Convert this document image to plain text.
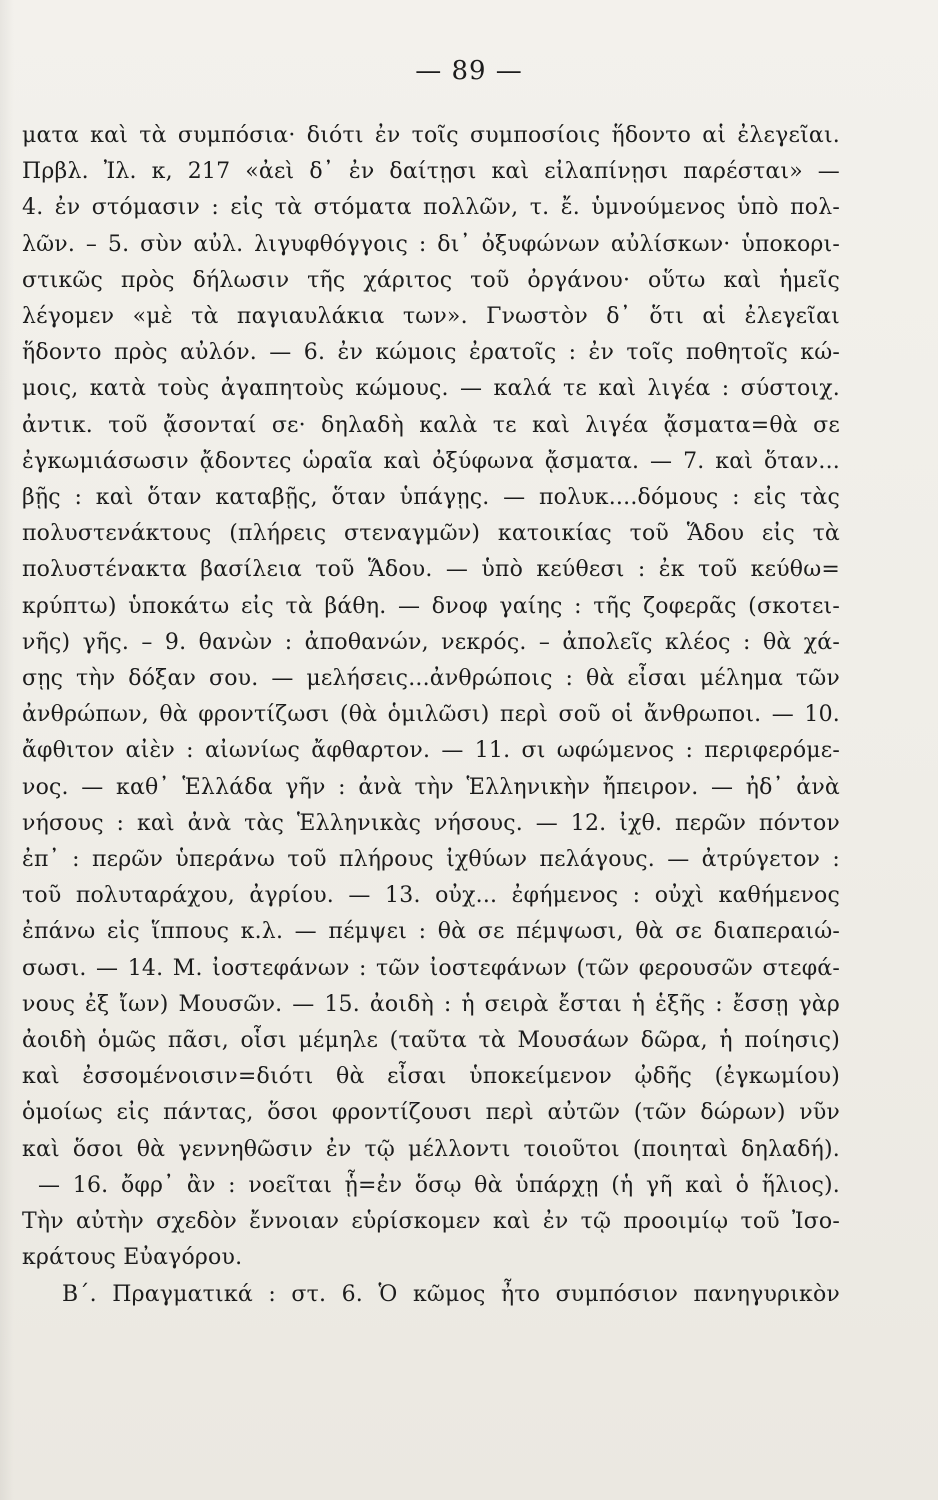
— 89 —
ματα καὶ τὰ συμπόσια· διότι ἐν τοῖς συμποσίοις ἥδοντο αἱ ἐλεγεῖαι.
Πρβλ. Ἰλ. κ, 217 «ἀεὶ δ᾿ ἐν δαίτῃσι καὶ εἰλαπίνῃσι παρέσται» —
4. ἐν στόμασιν : εἰς τὰ στόματα πολλῶν, τ. ἔ. ὑμνούμενος ὑπὸ πολ-
λῶν. – 5. σὺν αὐλ. λιγυφθόγγοις : δι᾿ ὀξυφώνων αὐλίσκων· ὑποκορι-
στικῶς πρὸς δήλωσιν τῆς χάριτος τοῦ ὀργάνου· οὕτω καὶ ἡμεῖς
λέγομεν «μὲ τὰ παγιαυλάκια των». Γνωστὸν δ᾿ ὅτι αἱ ἐλεγεῖαι
ἥδοντο πρὸς αὐλόν. — 6. ἐν κώμοις ἐρατοῖς : ἐν τοῖς ποθητοῖς κώ-
μοις, κατὰ τοὺς ἀγαπητοὺς κώμους. — καλά τε καὶ λιγέα : σύστοιχ.
ἀντικ. τοῦ ᾄσονταί σε· δηλαδὴ καλὰ τε καὶ λιγέα ᾄσματα=θὰ σε
ἐγκωμιάσωσιν ᾄδοντες ὡραῖα καὶ ὀξύφωνα ᾄσματα. — 7. καὶ ὅταν...
βῇς : καὶ ὅταν καταβῇς, ὅταν ὑπάγῃς. — πολυκ....δόμους : εἰς τὰς
πολυστενάκτους (πλήρεις στεναγμῶν) κατοικίας τοῦ Ἅδου εἰς τὰ
πολυστένακτα βασίλεια τοῦ Ἅδου. — ὑπὸ κεύθεσι : ἐκ τοῦ κεύθω=
κρύπτω) ὑποκάτω εἰς τὰ βάθη. — δνοφ γαίης : τῆς ζοφερᾶς (σκοτει-
νῆς) γῆς. – 9. θανὼν : ἀποθανών, νεκρός. – ἀπολεῖς κλέος : θὰ χά-
σῃς τὴν δόξαν σου. — μελήσεις...ἀνθρώποις : θὰ εἶσαι μέλημα τῶν
ἀνθρώπων, θὰ φροντίζωσι (θὰ ὁμιλῶσι) περὶ σοῦ οἱ ἄνθρωποι. — 10.
ἄφθιτον αἰὲν : αἰωνίως ἄφθαρτον. — 11. σι ωφώμενος : περιφερόμε-
νος. — καθ᾿ Ἑλλάδα γῆν : ἀνὰ τὴν Ἑλληνικὴν ἤπειρον. — ἠδ᾿ ἀνὰ
νήσους : καὶ ἀνὰ τὰς Ἑλληνικὰς νήσους. — 12. ἰχθ. περῶν πόντον
ἐπ᾿ : περῶν ὑπεράνω τοῦ πλήρους ἰχθύων πελάγους. — ἀτρύγετον :
τοῦ πολυταράχου, ἀγρίου. — 13. οὐχ... ἐφήμενος : οὐχὶ καθήμενος
ἐπάνω εἰς ἵππους κ.λ. — πέμψει : θὰ σε πέμψωσι, θὰ σε διαπεραιώ-
σωσι. — 14. Μ. ἰοστεφάνων : τῶν ἰοστεφάνων (τῶν φερουσῶν στεφά-
νους ἐξ ἴων) Μουσῶν. — 15. ἀοιδὴ : ἡ σειρὰ ἔσται ἡ ἑξῆς : ἔσσῃ γὰρ
ἀοιδὴ ὁμῶς πᾶσι, οἷσι μέμηλε (ταῦτα τὰ Μουσάων δῶρα, ἡ ποίησις)
καὶ ἐσσομένοισιν=διότι θὰ εἶσαι ὑποκείμενον ᾠδῆς (ἐγκωμίου)
ὁμοίως εἰς πάντας, ὅσοι φροντίζουσι περὶ αὐτῶν (τῶν δώρων) νῦν
καὶ ὅσοι θὰ γεννηθῶσιν ἐν τῷ μέλλοντι τοιοῦτοι (ποιηταὶ δηλαδή).
— 16. ὄφρ᾿ ἂν : νοεῖται ᾗ=ἐν ὅσῳ θὰ ὑπάρχῃ (ἡ γῆ καὶ ὁ ἥλιος).
Τὴν αὐτὴν σχεδὸν ἔννοιαν εὑρίσκομεν καὶ ἐν τῷ προοιμίῳ τοῦ Ἰσο-
κράτους Εὐαγόρου.
Β΄. Πραγματικά : στ. 6. Ὁ κῶμος ἦτο συμπόσιον πανηγυρικὸν
